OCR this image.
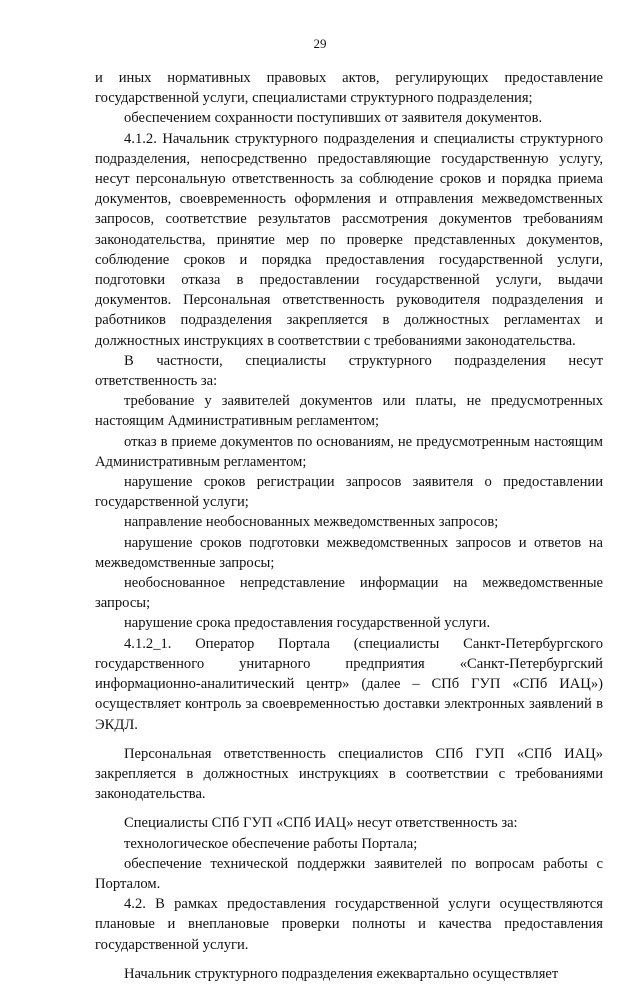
29

и иных нормативных правовых актов, регулирующих предоставление государственной услуги, специалистами структурного подразделения;

обеспечением сохранности поступивших от заявителя документов.

4.1.2. Начальник структурного подразделения и специалисты структурного подразделения, непосредственно предоставляющие государственную услугу, несут персональную ответственность за соблюдение сроков и порядка приема документов, своевременность оформления и отправления межведомственных запросов, соответствие результатов рассмотрения документов требованиям законодательства, принятие мер по проверке представленных документов, соблюдение сроков и порядка предоставления государственной услуги, подготовки отказа в предоставлении государственной услуги, выдачи документов. Персональная ответственность руководителя подразделения и работников подразделения закрепляется в должностных регламентах и должностных инструкциях в соответствии с требованиями законодательства.

В частности, специалисты структурного подразделения несут ответственность за:

требование у заявителей документов или платы, не предусмотренных настоящим Административным регламентом;

отказ в приеме документов по основаниям, не предусмотренным настоящим Административным регламентом;

нарушение сроков регистрации запросов заявителя о предоставлении государственной услуги;

направление необоснованных межведомственных запросов;

нарушение сроков подготовки межведомственных запросов и ответов на межведомственные запросы;

необоснованное непредставление информации на межведомственные запросы;

нарушение срока предоставления государственной услуги.

4.1.2_1. Оператор Портала (специалисты Санкт-Петербургского государственного унитарного предприятия «Санкт-Петербургский информационно-аналитический центр» (далее – СПб ГУП «СПб ИАЦ») осуществляет контроль за своевременностью доставки электронных заявлений в ЭКДЛ.

Персональная ответственность специалистов СПб ГУП «СПб ИАЦ» закрепляется в должностных инструкциях в соответствии с требованиями законодательства.

Специалисты СПб ГУП «СПб ИАЦ» несут ответственность за:

технологическое обеспечение работы Портала;

обеспечение технической поддержки заявителей по вопросам работы с Порталом.

4.2. В рамках предоставления государственной услуги осуществляются плановые и внеплановые проверки полноты и качества предоставления государственной услуги.

Начальник структурного подразделения ежеквартально осуществляет
